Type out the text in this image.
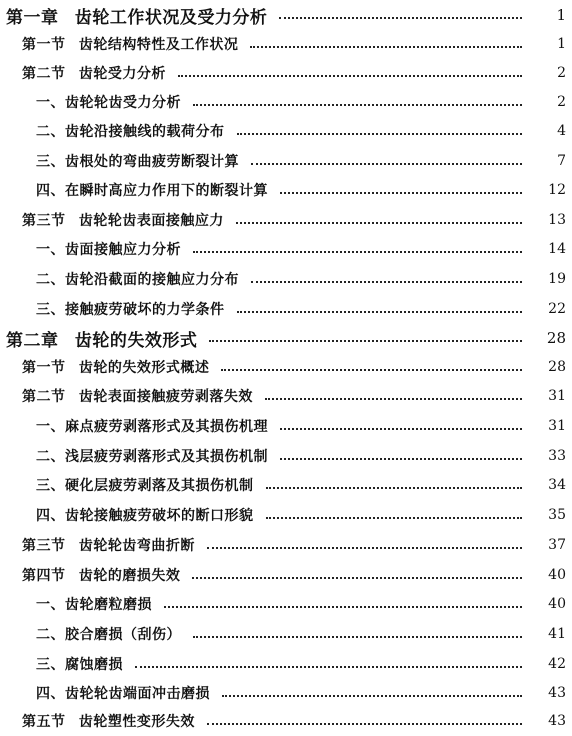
第一章 齿轮工作状况及受力分析	1
第一节 齿轮结构特性及工作状况	1
第二节 齿轮受力分析	2
一、齿轮轮齿受力分析	2
二、齿轮沿接触线的载荷分布	4
三、齿根处的弯曲疲劳断裂计算	7
四、在瞬时高应力作用下的断裂计算	12
第三节 齿轮轮齿表面接触应力	13
一、齿面接触应力分析	14
二、齿轮沿截面的接触应力分布	19
三、接触疲劳破坏的力学条件	22
第二章 齿轮的失效形式	28
第一节 齿轮的失效形式概述	28
第二节 齿轮表面接触疲劳剥落失效	31
一、麻点疲劳剥落形式及其损伤机理	31
二、浅层疲劳剥落形式及其损伤机制	33
三、硬化层疲劳剥落及其损伤机制	34
四、齿轮接触疲劳破坏的断口形貌	35
第三节 齿轮轮齿弯曲折断	37
第四节 齿轮的磨损失效	40
一、齿轮磨粒磨损	40
二、胶合磨损（刮伤）	41
三、腐蚀磨损	42
四、齿轮轮齿端面冲击磨损	43
第五节 齿轮塑性变形失效	43
